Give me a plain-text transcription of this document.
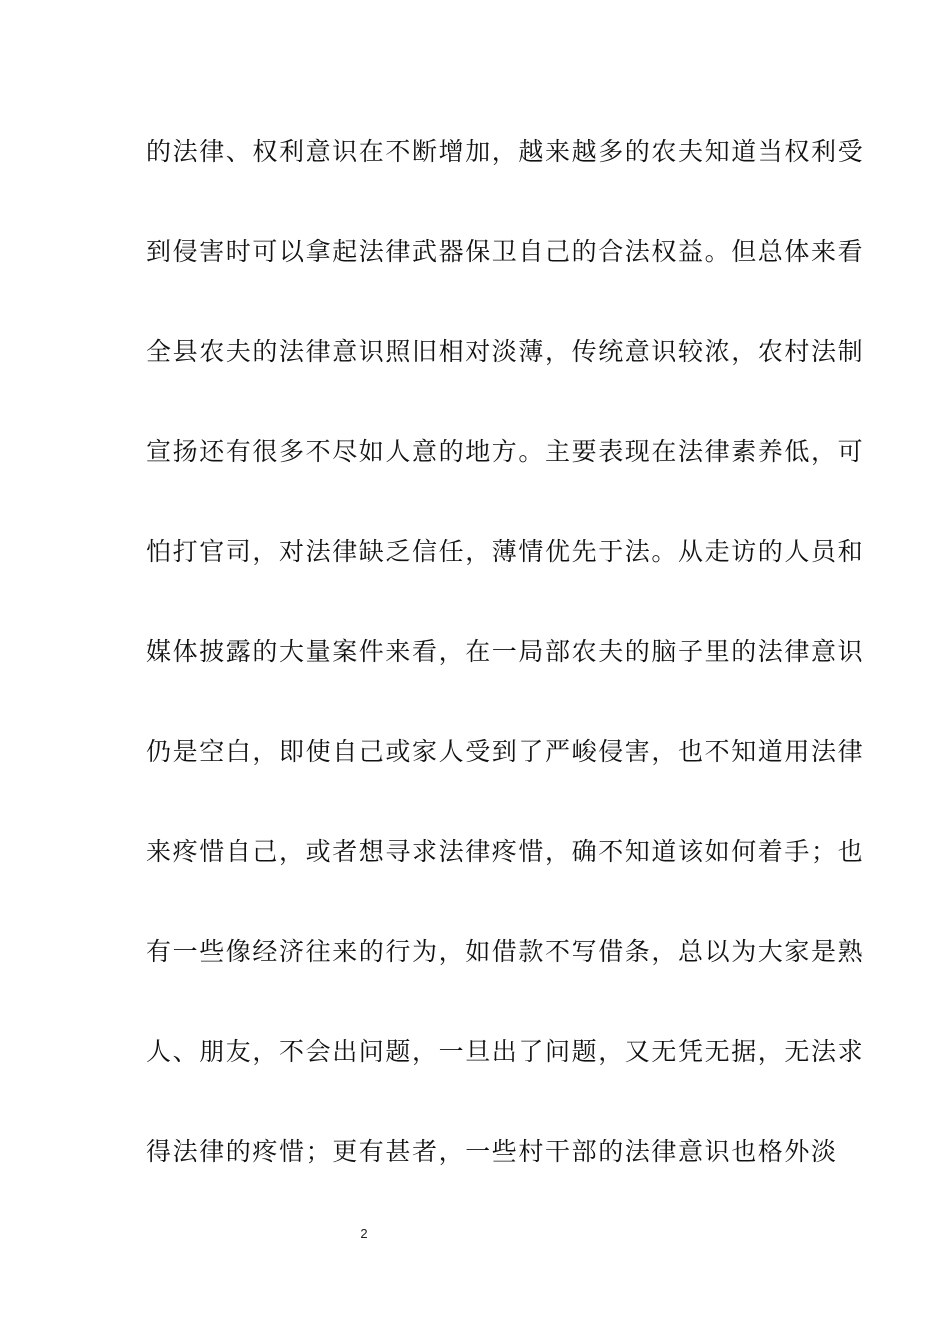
的法律、权利意识在不断增加，越来越多的农夫知道当权利受
到侵害时可以拿起法律武器保卫自己的合法权益。但总体来看
全县农夫的法律意识照旧相对淡薄，传统意识较浓，农村法制
宣扬还有很多不尽如人意的地方。主要表现在法律素养低，可
怕打官司，对法律缺乏信任，薄情优先于法。从走访的人员和
媒体披露的大量案件来看，在一局部农夫的脑子里的法律意识
仍是空白，即使自己或家人受到了严峻侵害，也不知道用法律
来疼惜自己，或者想寻求法律疼惜，确不知道该如何着手；也
有一些像经济往来的行为，如借款不写借条，总以为大家是熟
人、朋友，不会出问题，一旦出了问题，又无凭无据，无法求
得法律的疼惜；更有甚者，一些村干部的法律意识也格外淡
2
